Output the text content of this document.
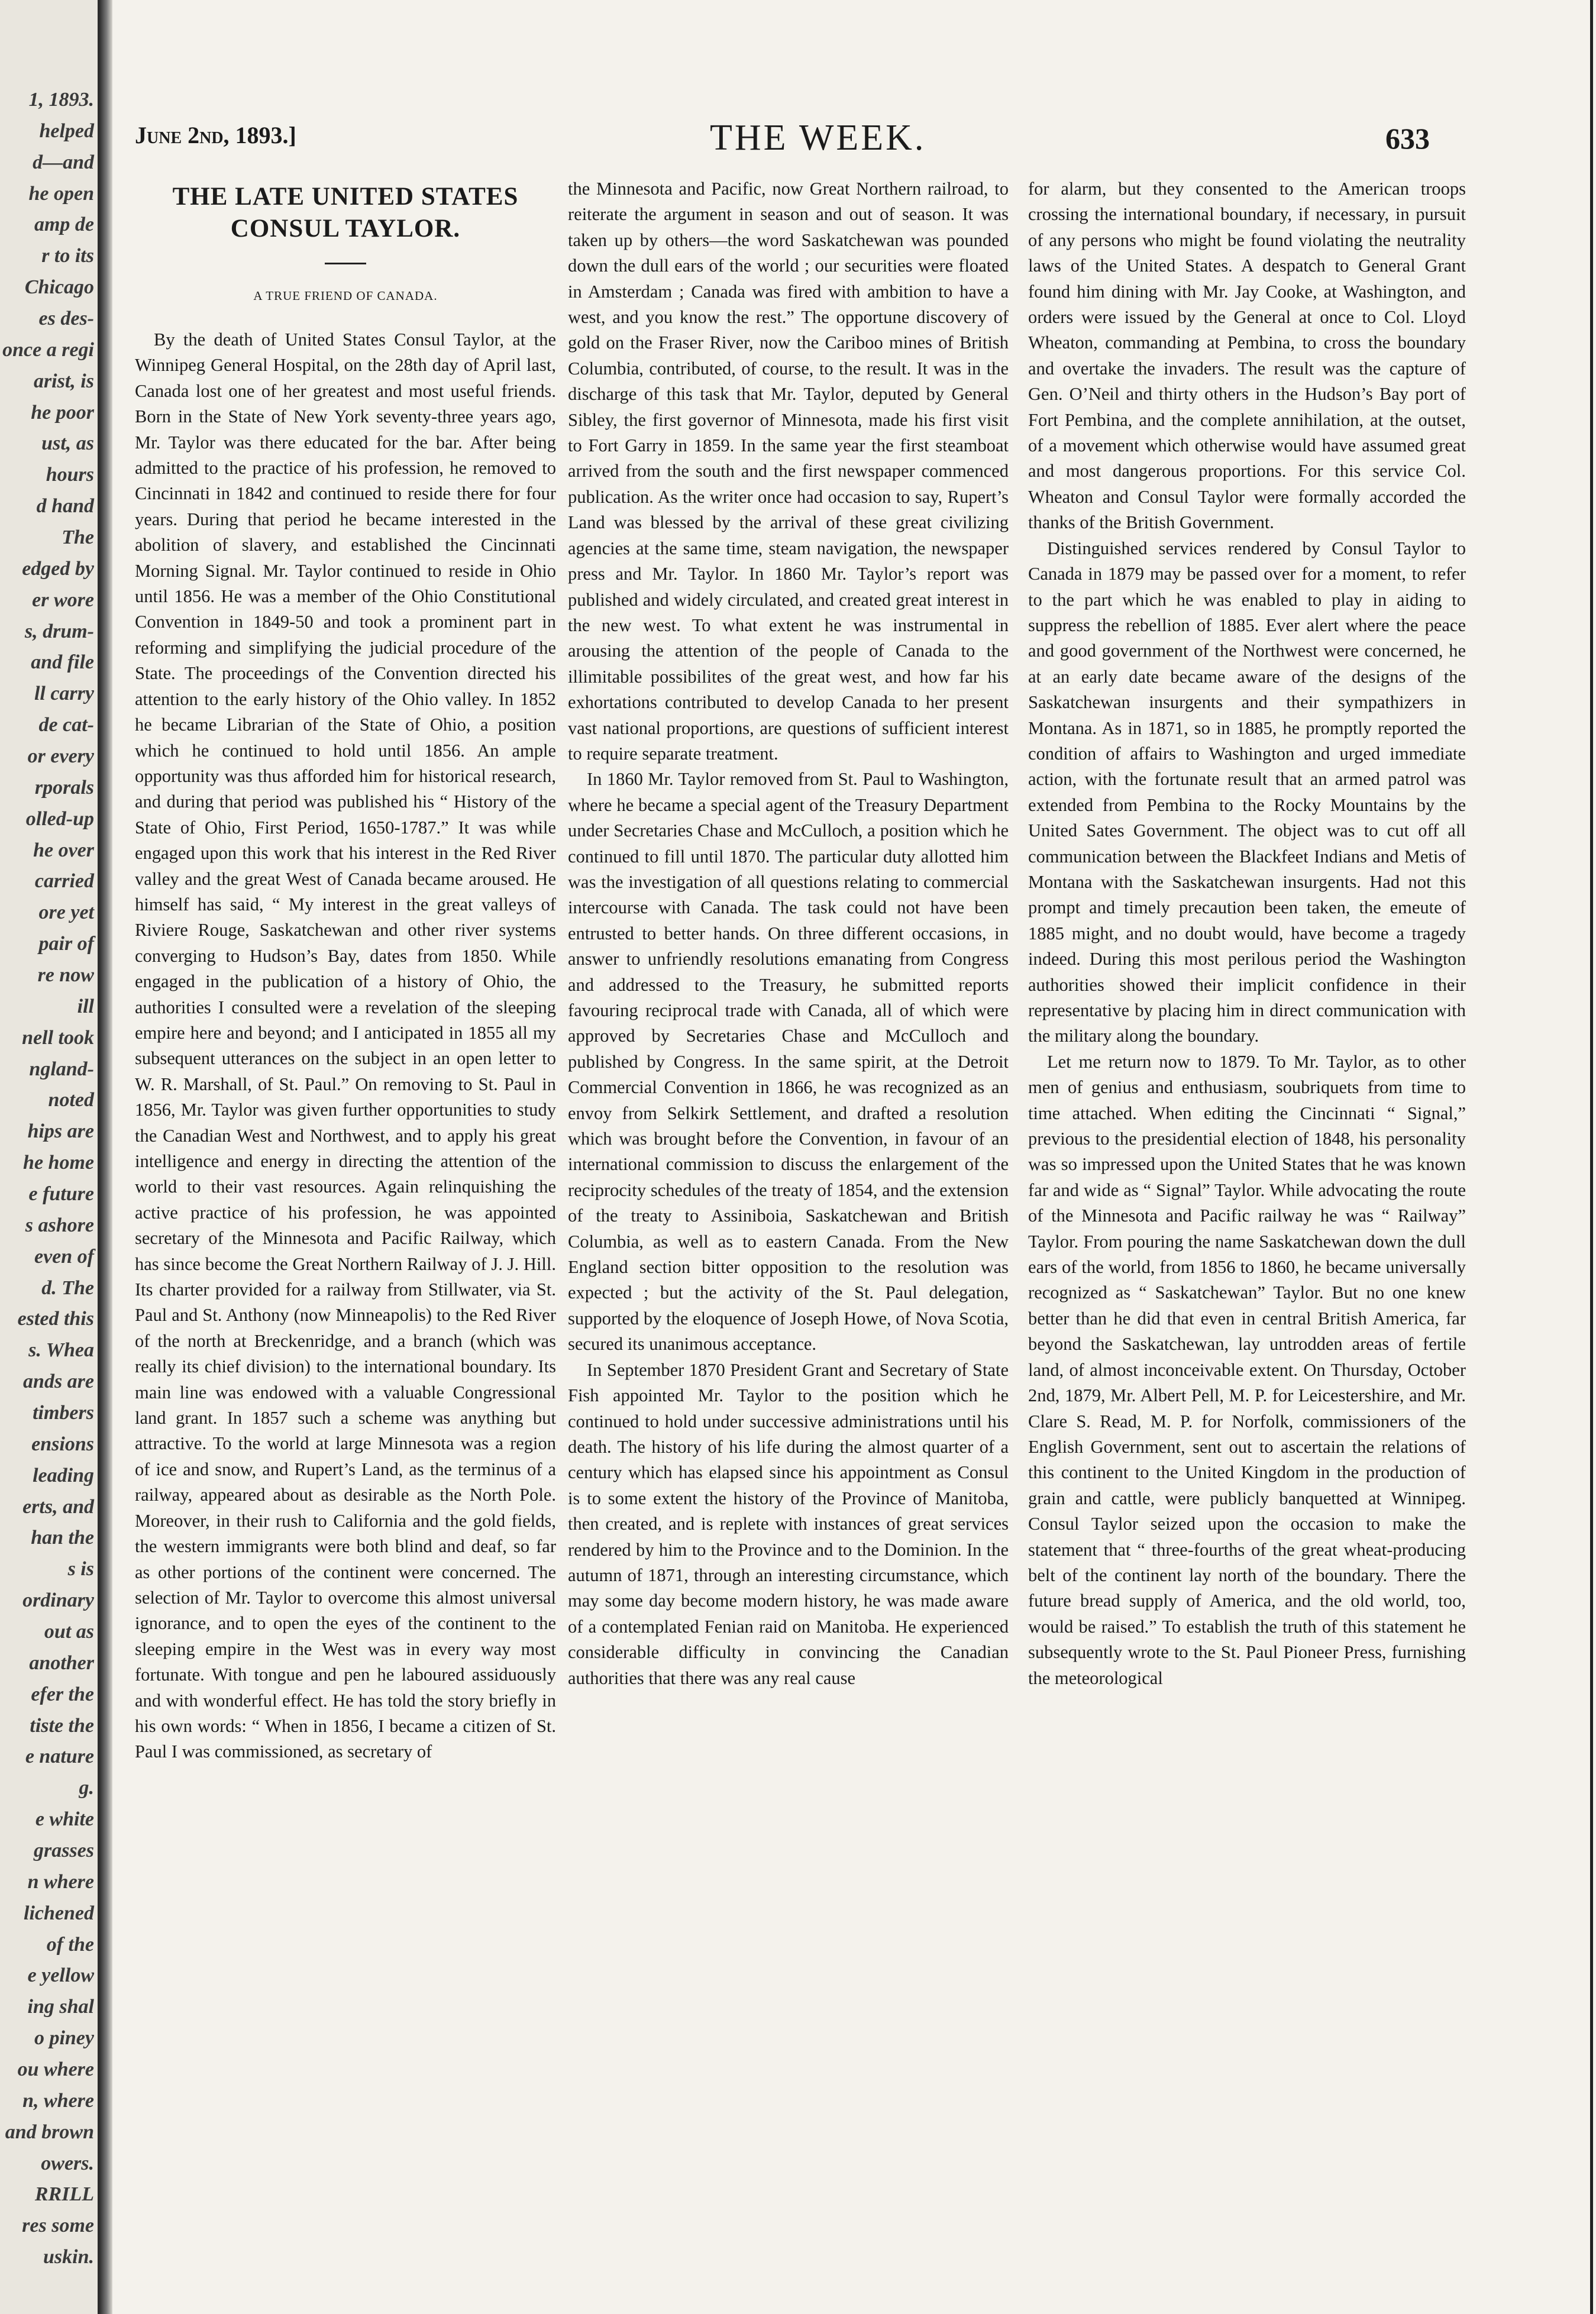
1, 1893.
helped
d—and
he open
amp de
r to its
Chicago
es des-
once a regi
arist, is
he poor
ust, as
hours
d hand
The
edged by
er wore
s, drum-
and file
ll carry
de cat-
or every
rporals
olled-up
he over
carried
ore yet
pair of
re now
ill
nell took
ngland-
noted
hips are
he home
e future
s ashore
even of
d. The
ested this
s. Whea
ands are
timbers
ensions
leading
erts, and
han the
s is
ordinary
out as
another
efer the
tiste the
e nature
g.
e white
grasses
n where
lichened
of the
e yellow
ing shal
o piney
ou where
n, where
and brown
owers.
RRILL
res some
uskin.
June 2nd, 1893.]	THE WEEK.	633
THE LATE UNITED STATES CONSUL TAYLOR.
A TRUE FRIEND OF CANADA.

By the death of United States Consul Taylor, at the Winnipeg General Hospital, on the 28th day of April last, Canada lost one of her greatest and most useful friends. Born in the State of New York seventy-three years ago, Mr. Taylor was there educated for the bar. After being admitted to the practice of his profession, he removed to Cincinnati in 1842 and continued to reside there for four years. During that period he became interested in the abolition of slavery, and established the Cincinnati Morning Signal. Mr. Taylor continued to reside in Ohio until 1856. He was a member of the Ohio Constitutional Convention in 1849-50 and took a prominent part in reforming and simplifying the judicial procedure of the State. The proceedings of the Convention directed his attention to the early history of the Ohio valley. In 1852 he became Librarian of the State of Ohio, a position which he continued to hold until 1856. An ample opportunity was thus afforded him for historical research, and during that period was published his “ History of the State of Ohio, First Period, 1650-1787.” It was while engaged upon this work that his interest in the Red River valley and the great West of Canada became aroused. He himself has said, “ My interest in the great valleys of Riviere Rouge, Saskatchewan and other river systems converging to Hudson’s Bay, dates from 1850. While engaged in the publication of a history of Ohio, the authorities I consulted were a revelation of the sleeping empire here and beyond; and I anticipated in 1855 all my subsequent utterances on the subject in an open letter to W. R. Marshall, of St. Paul.” On removing to St. Paul in 1856, Mr. Taylor was given further opportunities to study the Canadian West and Northwest, and to apply his great intelligence and energy in directing the attention of the world to their vast resources. Again relinquishing the active practice of his profession, he was appointed secretary of the Minnesota and Pacific Railway, which has since become the Great Northern Railway of J. J. Hill. Its charter provided for a railway from Stillwater, via St. Paul and St. Anthony (now Minneapolis) to the Red River of the north at Breckenridge, and a branch (which was really its chief division) to the international boundary. Its main line was endowed with a valuable Congressional land grant. In 1857 such a scheme was anything but attractive. To the world at large Minnesota was a region of ice and snow, and Rupert’s Land, as the terminus of a railway, appeared about as desirable as the North Pole. Moreover, in their rush to California and the gold fields, the western immigrants were both blind and deaf, so far as other portions of the continent were concerned. The selection of Mr. Taylor to overcome this almost universal ignorance, and to open the eyes of the continent to the sleeping empire in the West was in every way most fortunate. With tongue and pen he laboured assiduously and with wonderful effect. He has told the story briefly in his own words: “ When in 1856, I became a citizen of St. Paul I was commissioned, as secretary of

the Minnesota and Pacific, now Great Northern railroad, to reiterate the argument in season and out of season. It was taken up by others—the word Saskatchewan was pounded down the dull ears of the world ; our securities were floated in Amsterdam ; Canada was fired with ambition to have a west, and you know the rest.” The opportune discovery of gold on the Fraser River, now the Cariboo mines of British Columbia, contributed, of course, to the result. It was in the discharge of this task that Mr. Taylor, deputed by General Sibley, the first governor of Minnesota, made his first visit to Fort Garry in 1859. In the same year the first steamboat arrived from the south and the first newspaper commenced publication. As the writer once had occasion to say, Rupert’s Land was blessed by the arrival of these great civilizing agencies at the same time, steam navigation, the newspaper press and Mr. Taylor. In 1860 Mr. Taylor’s report was published and widely circulated, and created great interest in the new west. To what extent he was instrumental in arousing the attention of the people of Canada to the illimitable possibilites of the great west, and how far his exhortations contributed to develop Canada to her present vast national proportions, are questions of sufficient interest to require separate treatment.

In 1860 Mr. Taylor removed from St. Paul to Washington, where he became a special agent of the Treasury Department under Secretaries Chase and McCulloch, a position which he continued to fill until 1870. The particular duty allotted him was the investigation of all questions relating to commercial intercourse with Canada. The task could not have been entrusted to better hands. On three different occasions, in answer to unfriendly resolutions emanating from Congress and addressed to the Treasury, he submitted reports favouring reciprocal trade with Canada, all of which were approved by Secretaries Chase and McCulloch and published by Congress. In the same spirit, at the Detroit Commercial Convention in 1866, he was recognized as an envoy from Selkirk Settlement, and drafted a resolution which was brought before the Convention, in favour of an international commission to discuss the enlargement of the reciprocity schedules of the treaty of 1854, and the extension of the treaty to Assiniboia, Saskatchewan and British Columbia, as well as to eastern Canada. From the New England section bitter opposition to the resolution was expected ; but the activity of the St. Paul delegation, supported by the eloquence of Joseph Howe, of Nova Scotia, secured its unanimous acceptance.

In September 1870 President Grant and Secretary of State Fish appointed Mr. Taylor to the position which he continued to hold under successive administrations until his death. The history of his life during the almost quarter of a century which has elapsed since his appointment as Consul is to some extent the history of the Province of Manitoba, then created, and is replete with instances of great services rendered by him to the Province and to the Dominion. In the autumn of 1871, through an interesting circumstance, which may some day become modern history, he was made aware of a contemplated Fenian raid on Manitoba. He experienced considerable difficulty in convincing the Canadian authorities that there was any real cause

for alarm, but they consented to the American troops crossing the international boundary, if necessary, in pursuit of any persons who might be found violating the neutrality laws of the United States. A despatch to General Grant found him dining with Mr. Jay Cooke, at Washington, and orders were issued by the General at once to Col. Lloyd Wheaton, commanding at Pembina, to cross the boundary and overtake the invaders. The result was the capture of Gen. O’Neil and thirty others in the Hudson’s Bay port of Fort Pembina, and the complete annihilation, at the outset, of a movement which otherwise would have assumed great and most dangerous proportions. For this service Col. Wheaton and Consul Taylor were formally accorded the thanks of the British Government.

Distinguished services rendered by Consul Taylor to Canada in 1879 may be passed over for a moment, to refer to the part which he was enabled to play in aiding to suppress the rebellion of 1885. Ever alert where the peace and good government of the Northwest were concerned, he at an early date became aware of the designs of the Saskatchewan insurgents and their sympathizers in Montana. As in 1871, so in 1885, he promptly reported the condition of affairs to Washington and urged immediate action, with the fortunate result that an armed patrol was extended from Pembina to the Rocky Mountains by the United Sates Government. The object was to cut off all communication between the Blackfeet Indians and Metis of Montana with the Saskatchewan insurgents. Had not this prompt and timely precaution been taken, the emeute of 1885 might, and no doubt would, have become a tragedy indeed. During this most perilous period the Washington authorities showed their implicit confidence in their representative by placing him in direct communication with the military along the boundary.

Let me return now to 1879. To Mr. Taylor, as to other men of genius and enthusiasm, soubriquets from time to time attached. When editing the Cincinnati “ Signal,” previous to the presidential election of 1848, his personality was so impressed upon the United States that he was known far and wide as “ Signal” Taylor. While advocating the route of the Minnesota and Pacific railway he was “ Railway” Taylor. From pouring the name Saskatchewan down the dull ears of the world, from 1856 to 1860, he became universally recognized as “ Saskatchewan” Taylor. But no one knew better than he did that even in central British America, far beyond the Saskatchewan, lay untrodden areas of fertile land, of almost inconceivable extent. On Thursday, October 2nd, 1879, Mr. Albert Pell, M. P. for Leicestershire, and Mr. Clare S. Read, M. P. for Norfolk, commissioners of the English Government, sent out to ascertain the relations of this continent to the United Kingdom in the production of grain and cattle, were publicly banquetted at Winnipeg. Consul Taylor seized upon the occasion to make the statement that “ three-fourths of the great wheat-producing belt of the continent lay north of the boundary. There the future bread supply of America, and the old world, too, would be raised.” To establish the truth of this statement he subsequently wrote to the St. Paul Pioneer Press, furnishing the meteorological
